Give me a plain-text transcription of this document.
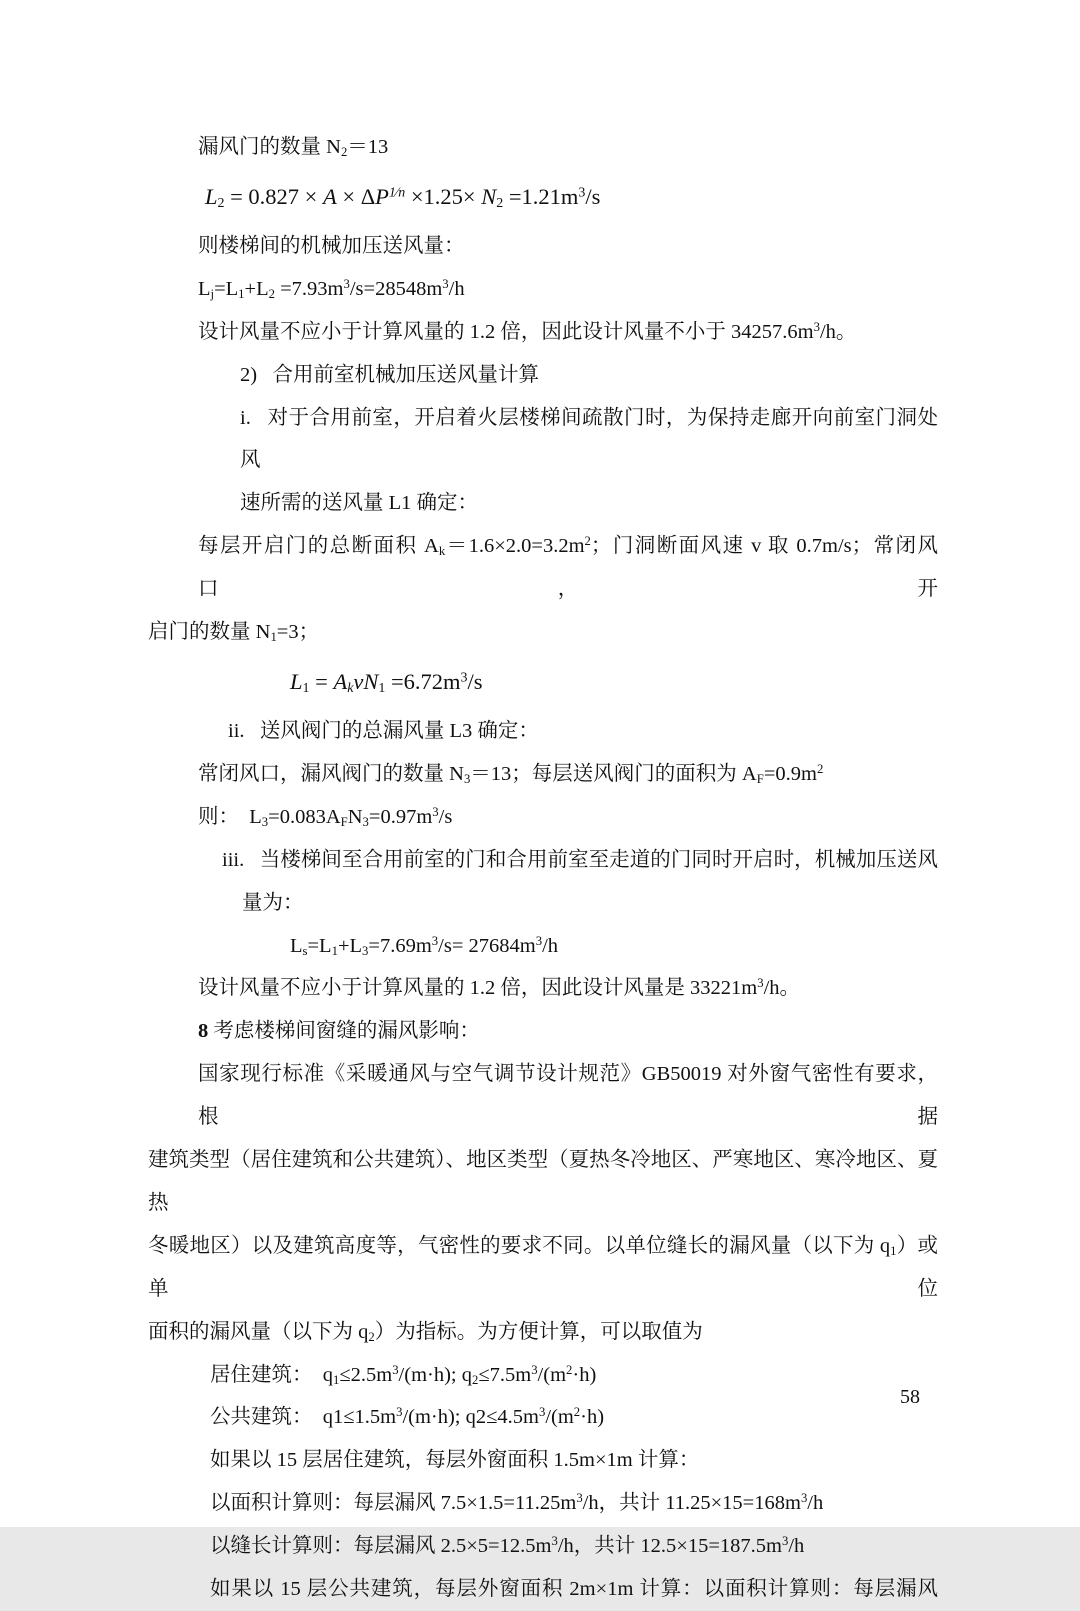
漏风门的数量 N2＝13
$L2 = 0.827 \times A \times \Delta P^{1⁄n} \times 1.25\times N2 =1.21m^3/s$
则楼梯间的机械加压送风量：
$Lj=L1+L2 =7.93m^3/s=28548m^3/h$
设计风量不应小于计算风量的 1.2 倍，因此设计风量不小于 $34257.6m^3/h$。
2)   合用前室机械加压送风量计算
i.   对于合用前室，开启着火层楼梯间疏散门时，为保持走廊开向前室门洞处风
速所需的送风量 L1 确定：
每层开启门的总断面积 $Ak=1.6\times 2.0=3.2m^2$；门洞断面风速 v 取 0.7m/s；常闭风口，开
启门的数量 N1=3；
L1 = AkvN1 $=6.72m^3/s$
ii.   送风阀门的总漏风量 L3 确定：
常闭风口，漏风阀门的数量 N3＝13；每层送风阀门的面积为 $AF=0.9m^2$
则：  $L3=0.083AFN3=0.97m^3/s$
iii.   当楼梯间至合用前室的门和合用前室至走道的门同时开启时，机械加压送风
量为：
$Ls=L1+L3=7.69m^3/s= 27684m^3/h$
设计风量不应小于计算风量的 1.2 倍，因此设计风量是 $33221m^3/h$。
8 考虑楼梯间窗缝的漏风影响：
国家现行标准《采暖通风与空气调节设计规范》GB50019 对外窗气密性有要求，根据
建筑类型（居住建筑和公共建筑）、地区类型（夏热冬冷地区、严寒地区、寒冷地区、夏热
冬暖地区）以及建筑高度等，气密性的要求不同。以单位缝长的漏风量（以下为 q1）或单位
面积的漏风量（以下为 q2）为指标。为方便计算，可以取值为
居住建筑：  $q1\le 2.5m^3/(m\cdot h)$; $q2\le 7.5m^3/(m^2\cdot h)$
公共建筑：  $q1\le 1.5m^3/(m\cdot h)$; $q2\le 4.5m^3/(m^2\cdot h)$
如果以 15 层居住建筑，每层外窗面积 1.5m×1m 计算：
以面积计算则：每层漏风 $7.5\times 1.5=11.25m^3/h$，共计 $11.25\times 15=168m^3/h$
以缝长计算则：每层漏风 $2.5\times 5=12.5m^3/h$，共计 $12.5\times 15=187.5m^3/h$
如果以 15 层公共建筑，每层外窗面积 2m×1m 计算：以面积计算则：每层漏风
58
